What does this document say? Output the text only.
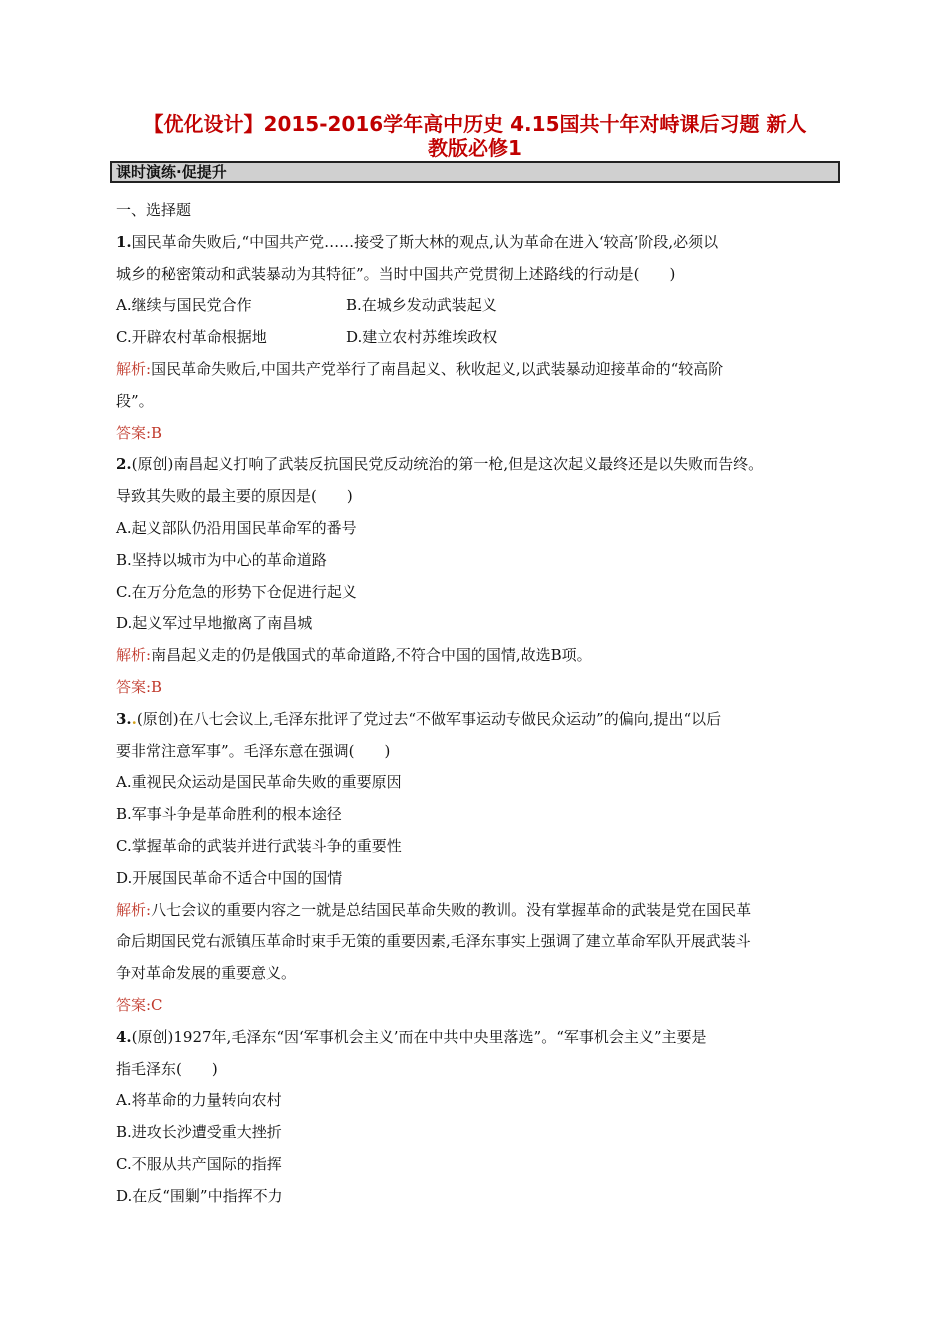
【优化设计】2015-2016学年高中历史 4.15国共十年对峙课后习题 新人
教版必修1
课时演练·促提升
一、选择题
1.国民革命失败后,“中国共产党……接受了斯大林的观点,认为革命在进入‘较高’阶段,必须以
城乡的秘密策动和武装暴动为其特征”。当时中国共产党贯彻上述路线的行动是(　　)
A.继续与国民党合作	B.在城乡发动武装起义
C.开辟农村革命根据地	D.建立农村苏维埃政权
解析:国民革命失败后,中国共产党举行了南昌起义、秋收起义,以武装暴动迎接革命的“较高阶
段”。
答案:B
2.(原创)南昌起义打响了武装反抗国民党反动统治的第一枪,但是这次起义最终还是以失败而告终。
导致其失败的最主要的原因是(　　)
A.起义部队仍沿用国民革命军的番号
B.坚持以城市为中心的革命道路
C.在万分危急的形势下仓促进行起义
D.起义军过早地撤离了南昌城
解析:南昌起义走的仍是俄国式的革命道路,不符合中国的国情,故选B项。
答案:B
3..(原创)在八七会议上,毛泽东批评了党过去“不做军事运动专做民众运动”的偏向,提出“以后
要非常注意军事”。毛泽东意在强调(　　)
A.重视民众运动是国民革命失败的重要原因
B.军事斗争是革命胜利的根本途径
C.掌握革命的武装并进行武装斗争的重要性
D.开展国民革命不适合中国的国情
解析:八七会议的重要内容之一就是总结国民革命失败的教训。没有掌握革命的武装是党在国民革
命后期国民党右派镇压革命时束手无策的重要因素,毛泽东事实上强调了建立革命军队开展武装斗
争对革命发展的重要意义。
答案:C
4.(原创)1927年,毛泽东“因‘军事机会主义’而在中共中央里落选”。“军事机会主义”主要是
指毛泽东(　　)
A.将革命的力量转向农村
B.进攻长沙遭受重大挫折
C.不服从共产国际的指挥
D.在反“围剿”中指挥不力
